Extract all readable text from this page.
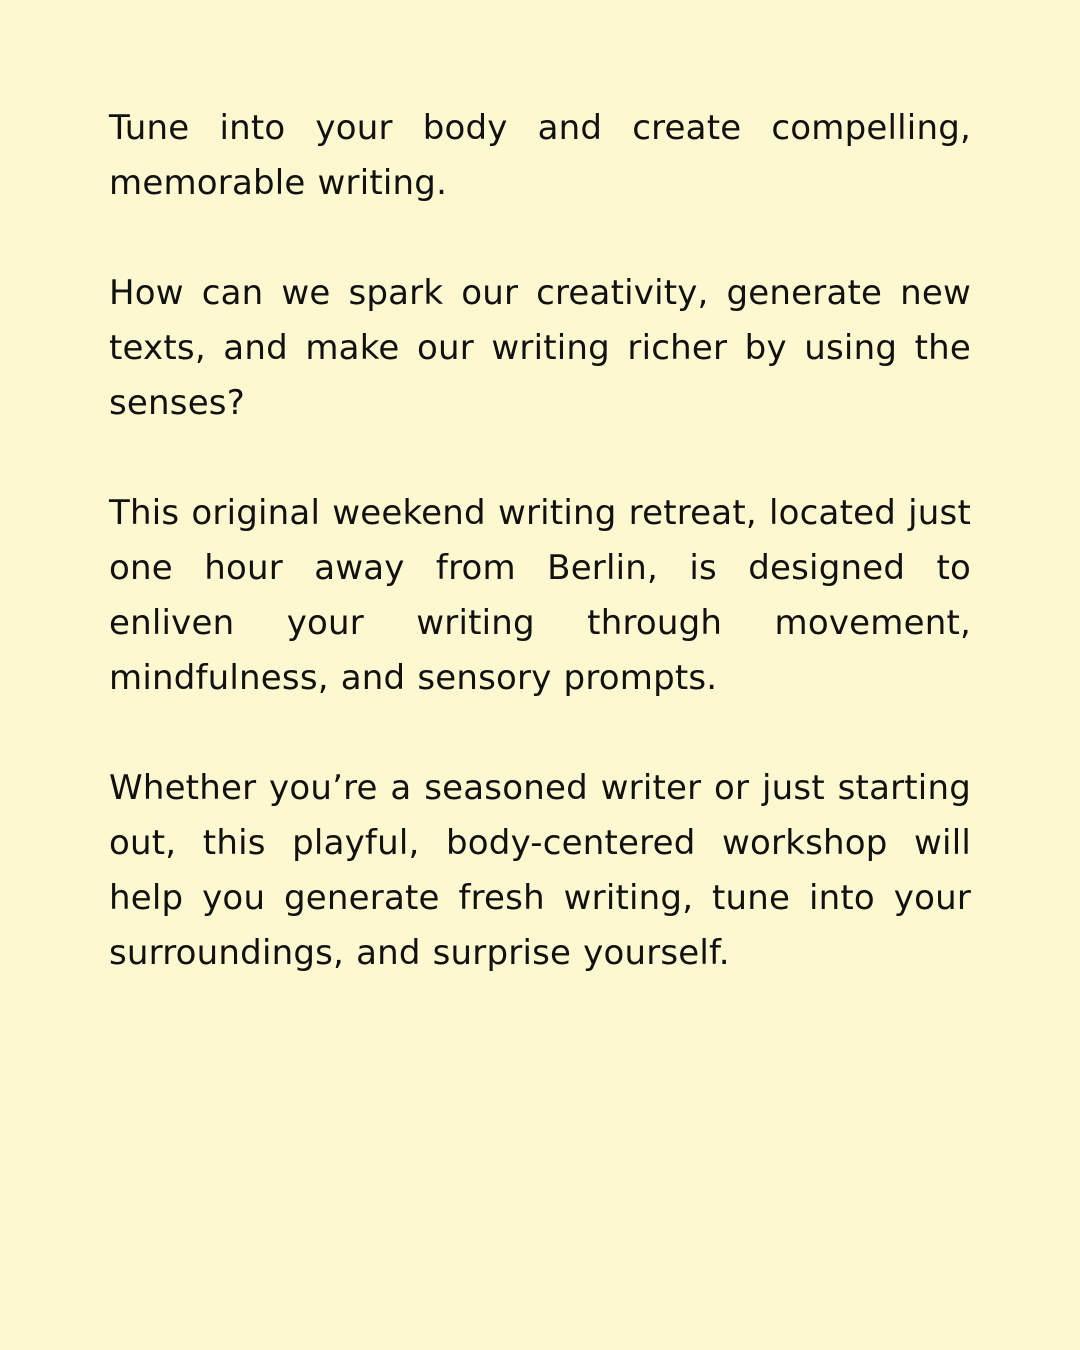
Tune into your body and create compelling, memorable writing.

How can we spark our creativity, generate new texts, and make our writing richer by using the senses?

This original weekend writing retreat, located just one hour away from Berlin, is designed to enliven your writing through movement, mindfulness, and sensory prompts.

Whether you’re a seasoned writer or just starting out, this playful, body-centered workshop will help you generate fresh writing, tune into your surroundings, and surprise yourself.
